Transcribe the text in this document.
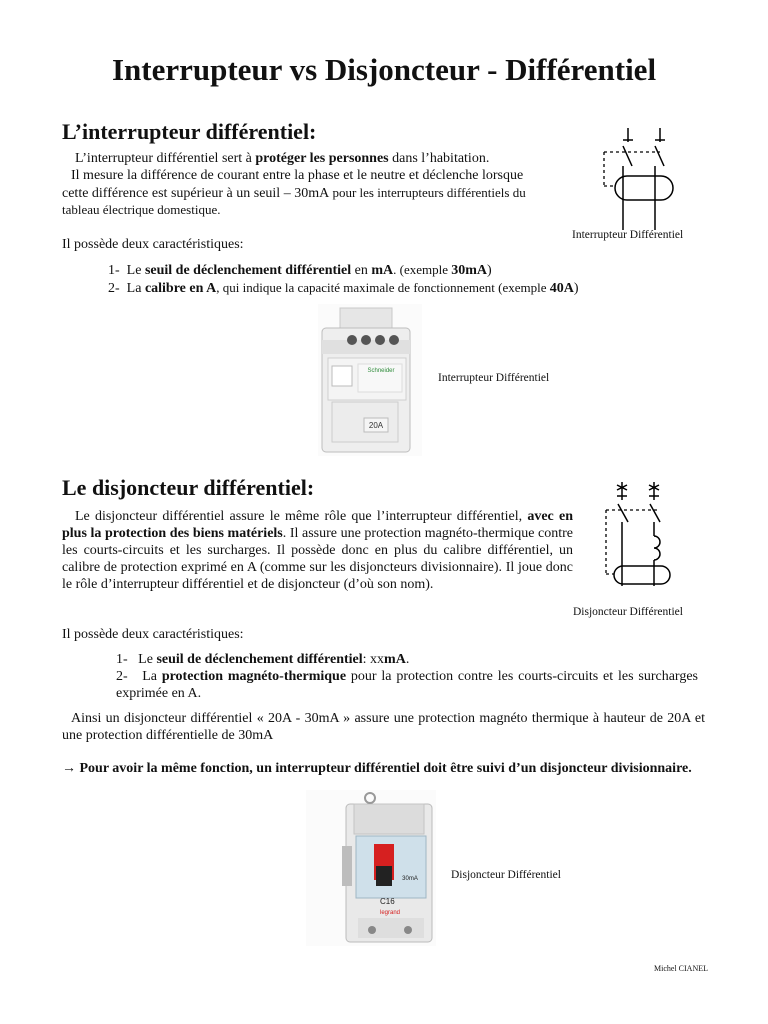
Interrupteur vs Disjoncteur - Différentiel
L’interrupteur différentiel:

L’interrupteur différentiel sert à protéger les personnes dans l’habitation.

Il mesure la différence de courant entre la phase et le neutre et déclenche lorsque

cette différence est supérieur à un seuil – 30mA pour les interrupteurs différentiels du

tableau électrique domestique.

Il possède deux caractéristiques:

1- Le seuil de déclenchement différentiel en mA. (exemple 30mA)
2- La calibre en A, qui indique la capacité maximale de fonctionnement (exemple 40A)
Interrupteur Différentiel
Schneider
20A
Interrupteur Différentiel
Le disjoncteur différentiel:

Le disjoncteur différentiel assure le même rôle que l’interrupteur différentiel, avec en plus la protection des biens matériels. Il assure une protection magnéto-thermique contre les courts-circuits et les surcharges. Il possède donc en plus du calibre différentiel, un calibre de protection exprimé en A (comme sur les disjoncteurs divisionnaire). Il joue donc le rôle d’interrupteur différentiel et de disjoncteur (d’où son nom).

Disjoncteur Différentiel

Il possède deux caractéristiques:

1- Le seuil de déclenchement différentiel: xxmA.
2- La protection magnéto-thermique pour la protection contre les courts-circuits et les surcharges exprimée en A.

Ainsi un disjoncteur différentiel « 20A - 30mA » assure une protection magnéto thermique à hauteur de 20A et une protection différentielle de 30mA

→ Pour avoir la même fonction, un interrupteur différentiel doit être suivi d’un disjoncteur divisionnaire.

30mA
C16
legrand
Disjoncteur Différentiel
Michel CIANEL
